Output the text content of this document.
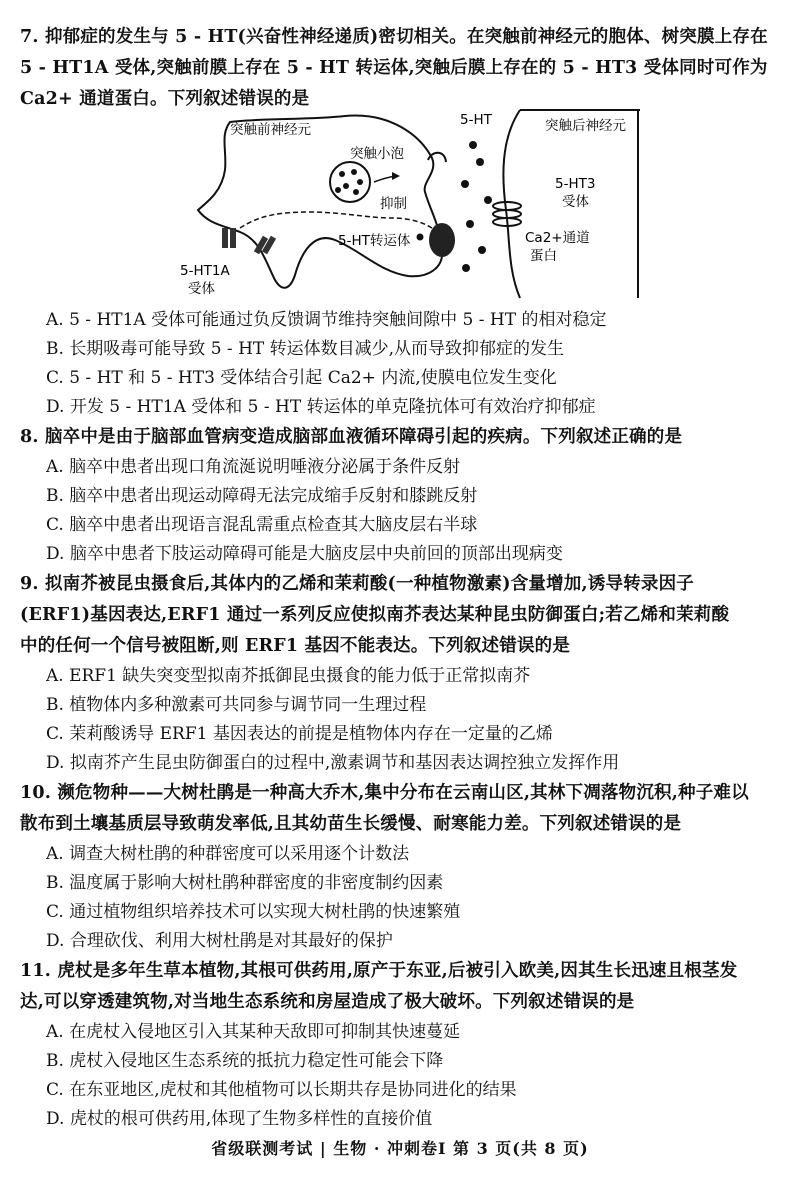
7. 抑郁症的发生与 5 - HT(兴奋性神经递质)密切相关。在突触前神经元的胞体、树突膜上存在
5 - HT1A 受体,突触前膜上存在 5 - HT 转运体,突触后膜上存在的 5 - HT3 受体同时可作为
Ca2+ 通道蛋白。下列叙述错误的是
突触前神经元	突触后神经元
突触小泡
抑制
5-HT转运体
5-HT
5-HT3
受体
Ca2+通道
蛋白
5-HT1A
受体
A. 5 - HT1A 受体可能通过负反馈调节维持突触间隙中 5 - HT 的相对稳定
B. 长期吸毒可能导致 5 - HT 转运体数目减少,从而导致抑郁症的发生
C. 5 - HT 和 5 - HT3 受体结合引起 Ca2+ 内流,使膜电位发生变化
D. 开发 5 - HT1A 受体和 5 - HT 转运体的单克隆抗体可有效治疗抑郁症
8. 脑卒中是由于脑部血管病变造成脑部血液循环障碍引起的疾病。下列叙述正确的是
A. 脑卒中患者出现口角流涎说明唾液分泌属于条件反射
B. 脑卒中患者出现运动障碍无法完成缩手反射和膝跳反射
C. 脑卒中患者出现语言混乱需重点检查其大脑皮层右半球
D. 脑卒中患者下肢运动障碍可能是大脑皮层中央前回的顶部出现病变
9. 拟南芥被昆虫摄食后,其体内的乙烯和茉莉酸(一种植物激素)含量增加,诱导转录因子
(ERF1)基因表达,ERF1 通过一系列反应使拟南芥表达某种昆虫防御蛋白;若乙烯和茉莉酸
中的任何一个信号被阻断,则 ERF1 基因不能表达。下列叙述错误的是
A. ERF1 缺失突变型拟南芥抵御昆虫摄食的能力低于正常拟南芥
B. 植物体内多种激素可共同参与调节同一生理过程
C. 茉莉酸诱导 ERF1 基因表达的前提是植物体内存在一定量的乙烯
D. 拟南芥产生昆虫防御蛋白的过程中,激素调节和基因表达调控独立发挥作用
10. 濒危物种——大树杜鹃是一种高大乔木,集中分布在云南山区,其林下凋落物沉积,种子难以
散布到土壤基质层导致萌发率低,且其幼苗生长缓慢、耐寒能力差。下列叙述错误的是
A. 调查大树杜鹃的种群密度可以采用逐个计数法
B. 温度属于影响大树杜鹃种群密度的非密度制约因素
C. 通过植物组织培养技术可以实现大树杜鹃的快速繁殖
D. 合理砍伐、利用大树杜鹃是对其最好的保护
11. 虎杖是多年生草本植物,其根可供药用,原产于东亚,后被引入欧美,因其生长迅速且根茎发
达,可以穿透建筑物,对当地生态系统和房屋造成了极大破坏。下列叙述错误的是
A. 在虎杖入侵地区引入其某种天敌即可抑制其快速蔓延
B. 虎杖入侵地区生态系统的抵抗力稳定性可能会下降
C. 在东亚地区,虎杖和其他植物可以长期共存是协同进化的结果
D. 虎杖的根可供药用,体现了生物多样性的直接价值
省级联测考试 | 生物 · 冲刺卷Ⅰ 第 3 页(共 8 页)
